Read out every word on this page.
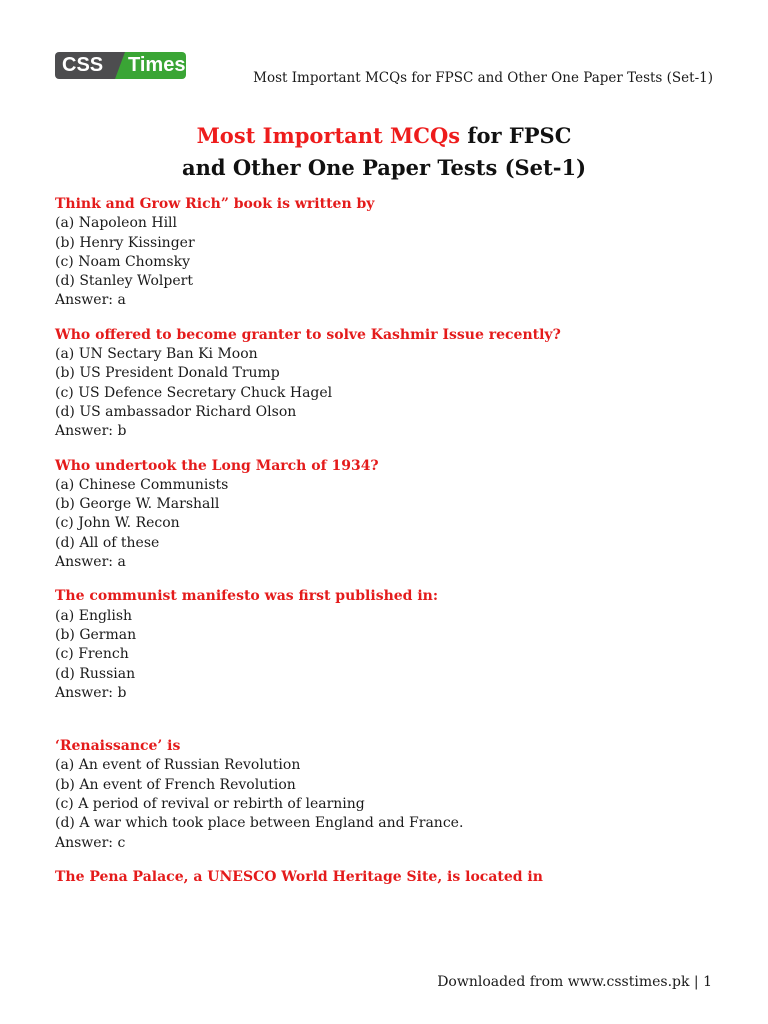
CSS	Times
Most Important MCQs for FPSC and Other One Paper Tests (Set-1)
Most Important MCQs for FPSC
and Other One Paper Tests (Set-1)
Think and Grow Rich” book is written by
(a) Napoleon Hill
(b) Henry Kissinger
(c) Noam Chomsky
(d) Stanley Wolpert
Answer: a
Who offered to become granter to solve Kashmir Issue recently?
(a) UN Sectary Ban Ki Moon
(b) US President Donald Trump
(c) US Defence Secretary Chuck Hagel
(d) US ambassador Richard Olson
Answer: b
Who undertook the Long March of 1934?
(a) Chinese Communists
(b) George W. Marshall
(c) John W. Recon
(d) All of these
Answer: a
The communist manifesto was first published in:
(a) English
(b) German
(c) French
(d) Russian
Answer: b
‘Renaissance’ is
(a) An event of Russian Revolution
(b) An event of French Revolution
(c) A period of revival or rebirth of learning
(d) A war which took place between England and France.
Answer: c
The Pena Palace, a UNESCO World Heritage Site, is located in
Downloaded from www.csstimes.pk | 1
